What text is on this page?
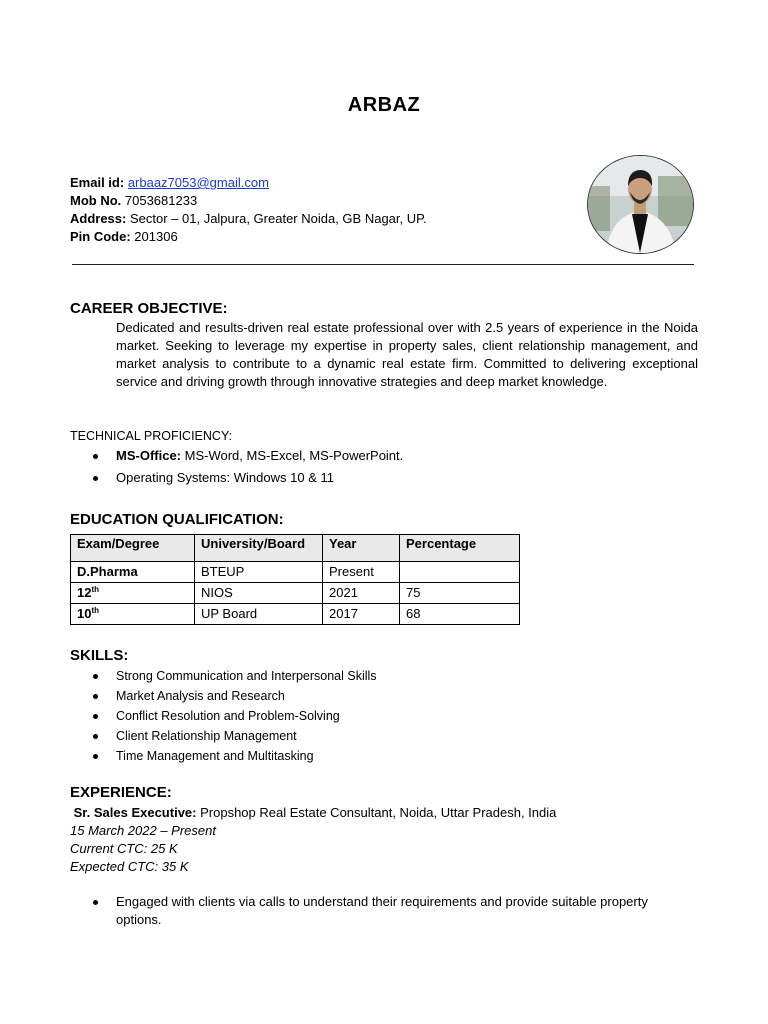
ARBAZ
Email id: arbaaz7053@gmail.com
Mob No. 7053681233
Address: Sector – 01, Jalpura, Greater Noida, GB Nagar, UP.
Pin Code: 201306
CAREER OBJECTIVE:
Dedicated and results-driven real estate professional over with 2.5 years of experience in the Noida market. Seeking to leverage my expertise in property sales, client relationship management, and market analysis to contribute to a dynamic real estate firm. Committed to delivering exceptional service and driving growth through innovative strategies and deep market knowledge.
TECHNICAL PROFICIENCY:
MS-Office: MS-Word, MS-Excel, MS-PowerPoint.
Operating Systems: Windows 10 & 11
EDUCATION QUALIFICATION:
Exam/Degree	University/Board	Year	Percentage
D.Pharma	BTEUP	Present	
12th	NIOS	2021	75
10th	UP Board	2017	68
SKILLS:
Strong Communication and Interpersonal Skills
Market Analysis and Research
Conflict Resolution and Problem-Solving
Client Relationship Management
Time Management and Multitasking
EXPERIENCE:
Sr. Sales Executive: Propshop Real Estate Consultant, Noida, Uttar Pradesh, India
15 March 2022 – Present
Current CTC: 25 K
Expected CTC: 35 K
Engaged with clients via calls to understand their requirements and provide suitable property options.
